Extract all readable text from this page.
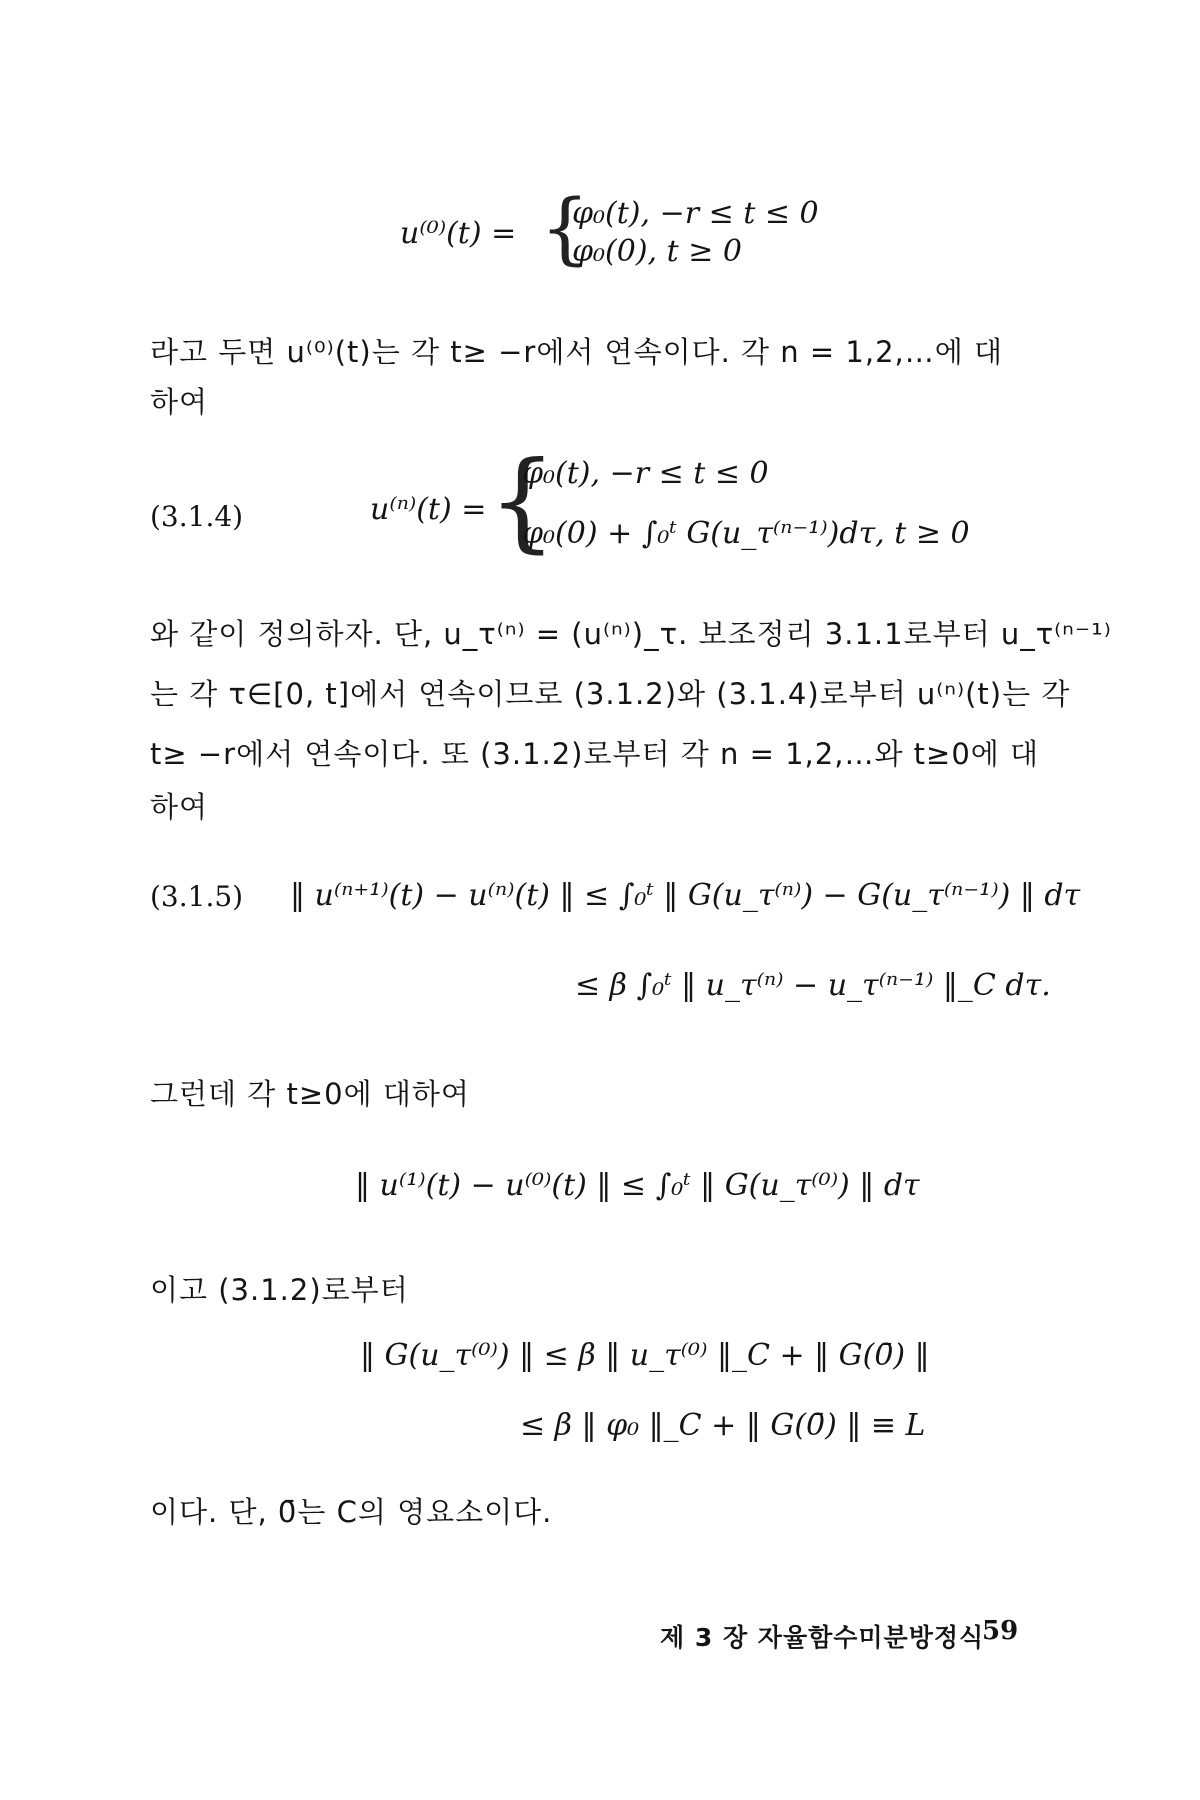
u⁽⁰⁾(t) = {
φ₀(t), −r ≤ t ≤ 0
φ₀(0), t ≥ 0
라고 두면 u⁽⁰⁾(t)는 각 t≥ −r에서 연속이다. 각 n = 1,2,…에 대
하여
(3.1.4)	u⁽ⁿ⁾(t) = {
φ₀(t), −r ≤ t ≤ 0
φ₀(0) + ∫₀ᵗ G(u_τ⁽ⁿ⁻¹⁾)dτ, t ≥ 0
와 같이 정의하자. 단, u_τ⁽ⁿ⁾ = (u⁽ⁿ⁾)_τ. 보조정리 3.1.1로부터 u_τ⁽ⁿ⁻¹⁾
는 각 τ∈[0, t]에서 연속이므로 (3.1.2)와 (3.1.4)로부터 u⁽ⁿ⁾(t)는 각
t≥ −r에서 연속이다. 또 (3.1.2)로부터 각 n = 1,2,…와 t≥0에 대
하여
(3.1.5) ‖ u⁽ⁿ⁺¹⁾(t) − u⁽ⁿ⁾(t) ‖ ≤ ∫₀ᵗ ‖ G(u_τ⁽ⁿ⁾) − G(u_τ⁽ⁿ⁻¹⁾) ‖ dτ
≤ β ∫₀ᵗ ‖ u_τ⁽ⁿ⁾ − u_τ⁽ⁿ⁻¹⁾ ‖_C dτ.
그런데 각 t≥0에 대하여
‖ u⁽¹⁾(t) − u⁽⁰⁾(t) ‖ ≤ ∫₀ᵗ ‖ G(u_τ⁽⁰⁾) ‖ dτ
이고 (3.1.2)로부터
‖ G(u_τ⁽⁰⁾) ‖ ≤ β ‖ u_τ⁽⁰⁾ ‖_C + ‖ G(0̄) ‖
≤ β ‖ φ₀ ‖_C + ‖ G(0̄) ‖ ≡ L
이다. 단, 0̄는 C의 영요소이다.
제 3 장 자율함수미분방정식
59
